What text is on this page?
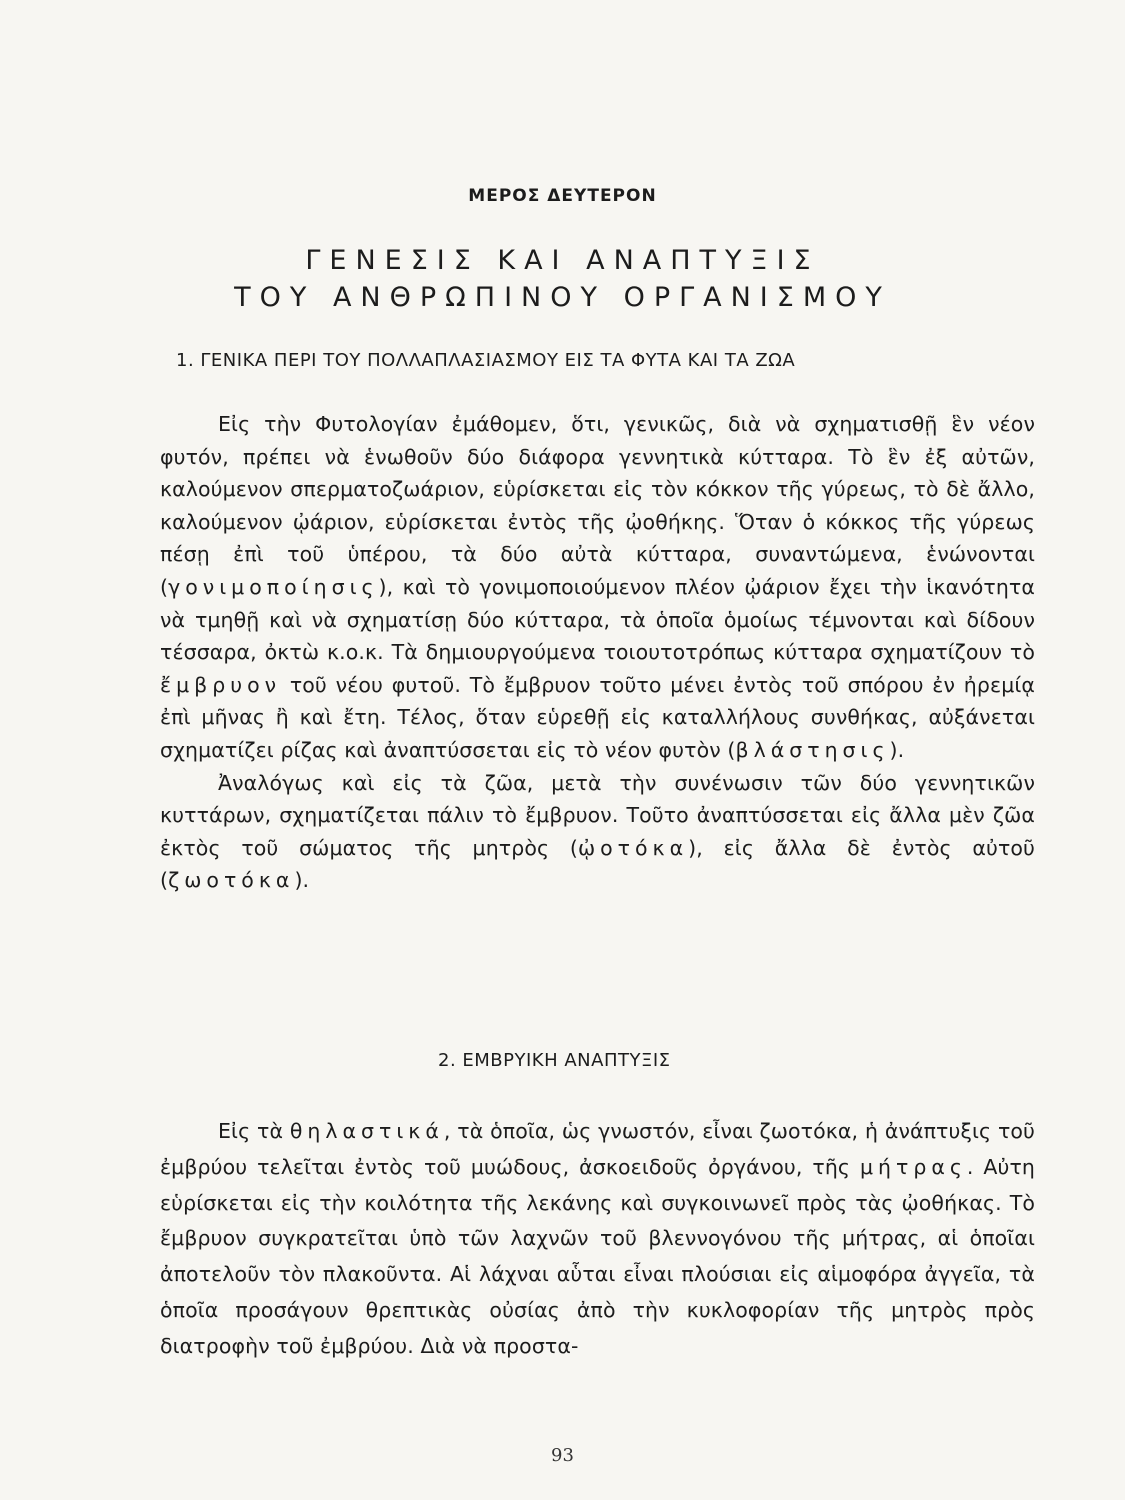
ΜΕΡΟΣ ΔΕΥΤΕΡΟΝ
ΓΕΝΕΣΙΣ ΚΑΙ ΑΝΑΠΤΥΞΙΣ
ΤΟΥ ΑΝΘΡΩΠΙΝΟΥ ΟΡΓΑΝΙΣΜΟΥ
1. ΓΕΝΙΚΑ ΠΕΡΙ ΤΟΥ ΠΟΛΛΑΠΛΑΣΙΑΣΜΟΥ ΕΙΣ ΤΑ ΦΥΤΑ ΚΑΙ ΤΑ ΖΩΑ

Εἰς τὴν Φυτολογίαν ἐμάθομεν, ὅτι, γενικῶς, διὰ νὰ σχηματισθῇ ἓν νέον φυτόν, πρέπει νὰ ἑνωθοῦν δύο διάφορα γεννητικὰ κύτταρα. Τὸ ἓν ἐξ αὐτῶν, καλούμενον σπερματοζωάριον, εὑρίσκεται εἰς τὸν κόκκον τῆς γύρεως, τὸ δὲ ἄλλο, καλούμενον ᾠάριον, εὑρίσκεται ἐντὸς τῆς ᾠοθήκης. Ὅταν ὁ κόκκος τῆς γύρεως πέσῃ ἐπὶ τοῦ ὑπέρου, τὰ δύο αὐτὰ κύτταρα, συναντώμενα, ἑνώνονται (γονιμοποίησις), καὶ τὸ γονιμοποιούμενον πλέον ᾠάριον ἔχει τὴν ἱκανότητα νὰ τμηθῇ καὶ νὰ σχηματίσῃ δύο κύτταρα, τὰ ὁποῖα ὁμοίως τέμνονται καὶ δίδουν τέσσαρα, ὀκτὼ κ.ο.κ. Τὰ δημιουργούμενα τοιουτοτρόπως κύτταρα σχηματίζουν τὸ ἔμβρυον τοῦ νέου φυτοῦ. Τὸ ἔμβρυον τοῦτο μένει ἐντὸς τοῦ σπόρου ἐν ἠρεμίᾳ ἐπὶ μῆνας ἢ καὶ ἔτη. Τέλος, ὅταν εὑρεθῇ εἰς καταλλήλους συνθήκας, αὐξάνεται σχηματίζει ρίζας καὶ ἀναπτύσσεται εἰς τὸ νέον φυτὸν (βλάστησις).

Ἀναλόγως καὶ εἰς τὰ ζῶα, μετὰ τὴν συνένωσιν τῶν δύο γεννητικῶν κυττάρων, σχηματίζεται πάλιν τὸ ἔμβρυον. Τοῦτο ἀναπτύσσεται εἰς ἄλλα μὲν ζῶα ἐκτὸς τοῦ σώματος τῆς μητρὸς (ᾠοτόκα), εἰς ἄλλα δὲ ἐντὸς αὐτοῦ (ζωοτόκα).

2. ΕΜΒΡΥΙΚΗ ΑΝΑΠΤΥΞΙΣ

Εἰς τὰ θηλαστικά, τὰ ὁποῖα, ὡς γνωστόν, εἶναι ζωοτόκα, ἡ ἀνάπτυξις τοῦ ἐμβρύου τελεῖται ἐντὸς τοῦ μυώδους, ἀσκοειδοῦς ὀργάνου, τῆς μήτρας. Αὐτη εὑρίσκεται εἰς τὴν κοιλότητα τῆς λεκάνης καὶ συγκοινωνεῖ πρὸς τὰς ᾠοθήκας. Τὸ ἔμβρυον συγκρατεῖται ὑπὸ τῶν λαχνῶν τοῦ βλεννογόνου τῆς μήτρας, αἱ ὁποῖαι ἀποτελοῦν τὸν πλακοῦντα. Αἱ λάχναι αὗται εἶναι πλούσιαι εἰς αἱμοφόρα ἀγγεῖα, τὰ ὁποῖα προσάγουν θρεπτικὰς οὐσίας ἀπὸ τὴν κυκλοφορίαν τῆς μητρὸς πρὸς διατροφὴν τοῦ ἐμβρύου. Διὰ νὰ προστα-

93
